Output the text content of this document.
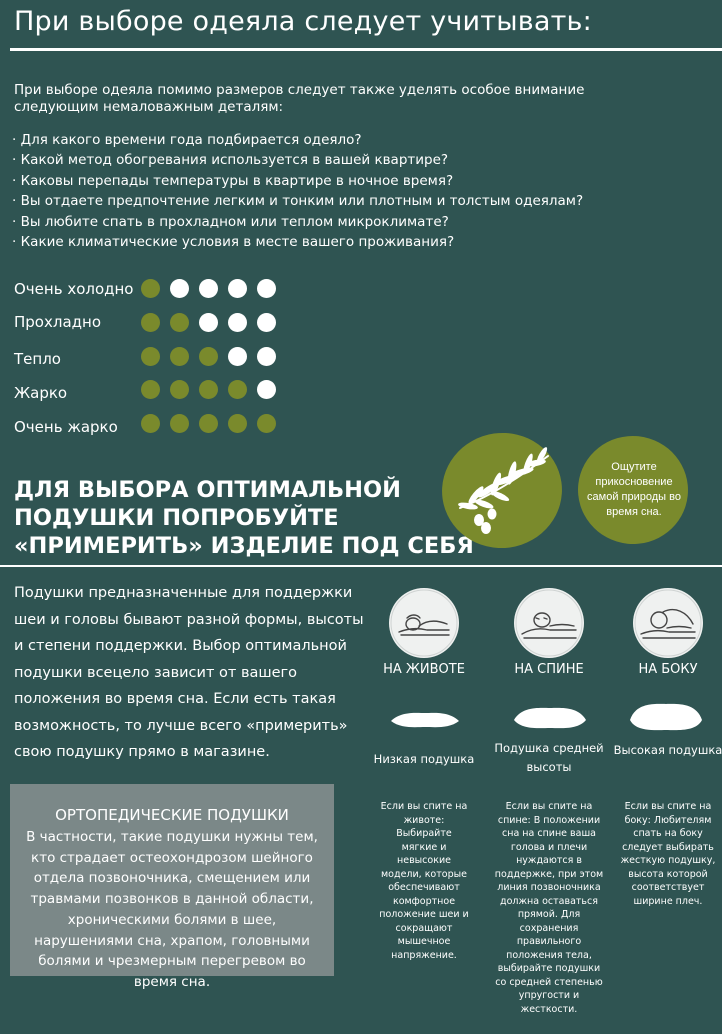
При выборе одеяла следует учитывать:
При выборе одеяла помимо размеров следует также уделять особое внимание следующим немаловажным деталям:
· Для какого времени года подбирается одеяло?
· Какой метод обогревания используется в вашей квартире?
· Каковы перепады температуры в квартире в ночное время?
· Вы отдаете предпочтение легким и тонким или плотным и толстым одеялам?
· Вы любите спать в прохладном или теплом микроклимате?
· Какие климатические условия в месте вашего проживания?
Очень холодно
Прохладно
Тепло
Жарко
Очень жарко
ДЛЯ ВЫБОРА ОПТИМАЛЬНОЙ
ПОДУШКИ ПОПРОБУЙТЕ
«ПРИМЕРИТЬ» ИЗДЕЛИЕ ПОД СЕБЯ
Ощутите прикосновение самой природы во время сна.
Подушки предназначенные для поддержки шеи и головы бывают разной формы, высоты и степени поддержки. Выбор оптимальной подушки всецело зависит от вашего положения во время сна. Если есть такая возможность, то лучше всего «примерить» свою подушку прямо в магазине.
ОРТОПЕДИЧЕСКИЕ ПОДУШКИ
В частности, такие подушки нужны тем, кто страдает остеохондрозом шейного отдела позвоночника, смещением или травмами позвонков в данной области, хроническими болями в шее, нарушениями сна, храпом, головными болями и чрезмерным перегревом во время сна.
НА ЖИВОТЕ
Низкая подушка
Если вы спите на животе: Выбирайте мягкие и невысокие модели, которые обеспечивают комфортное положение шеи и сокращают мышечное напряжение.
НА СПИНЕ
Подушка средней высоты
Если вы спите на спине: В положении сна на спине ваша голова и плечи нуждаются в поддержке, при этом линия позвоночника должна оставаться прямой. Для сохранения правильного положения тела, выбирайте подушки со средней степенью упругости и жесткости.
НА БОКУ
Высокая подушка
Если вы спите на боку: Любителям спать на боку следует выбирать жесткую подушку, высота которой соответствует ширине плеч.
